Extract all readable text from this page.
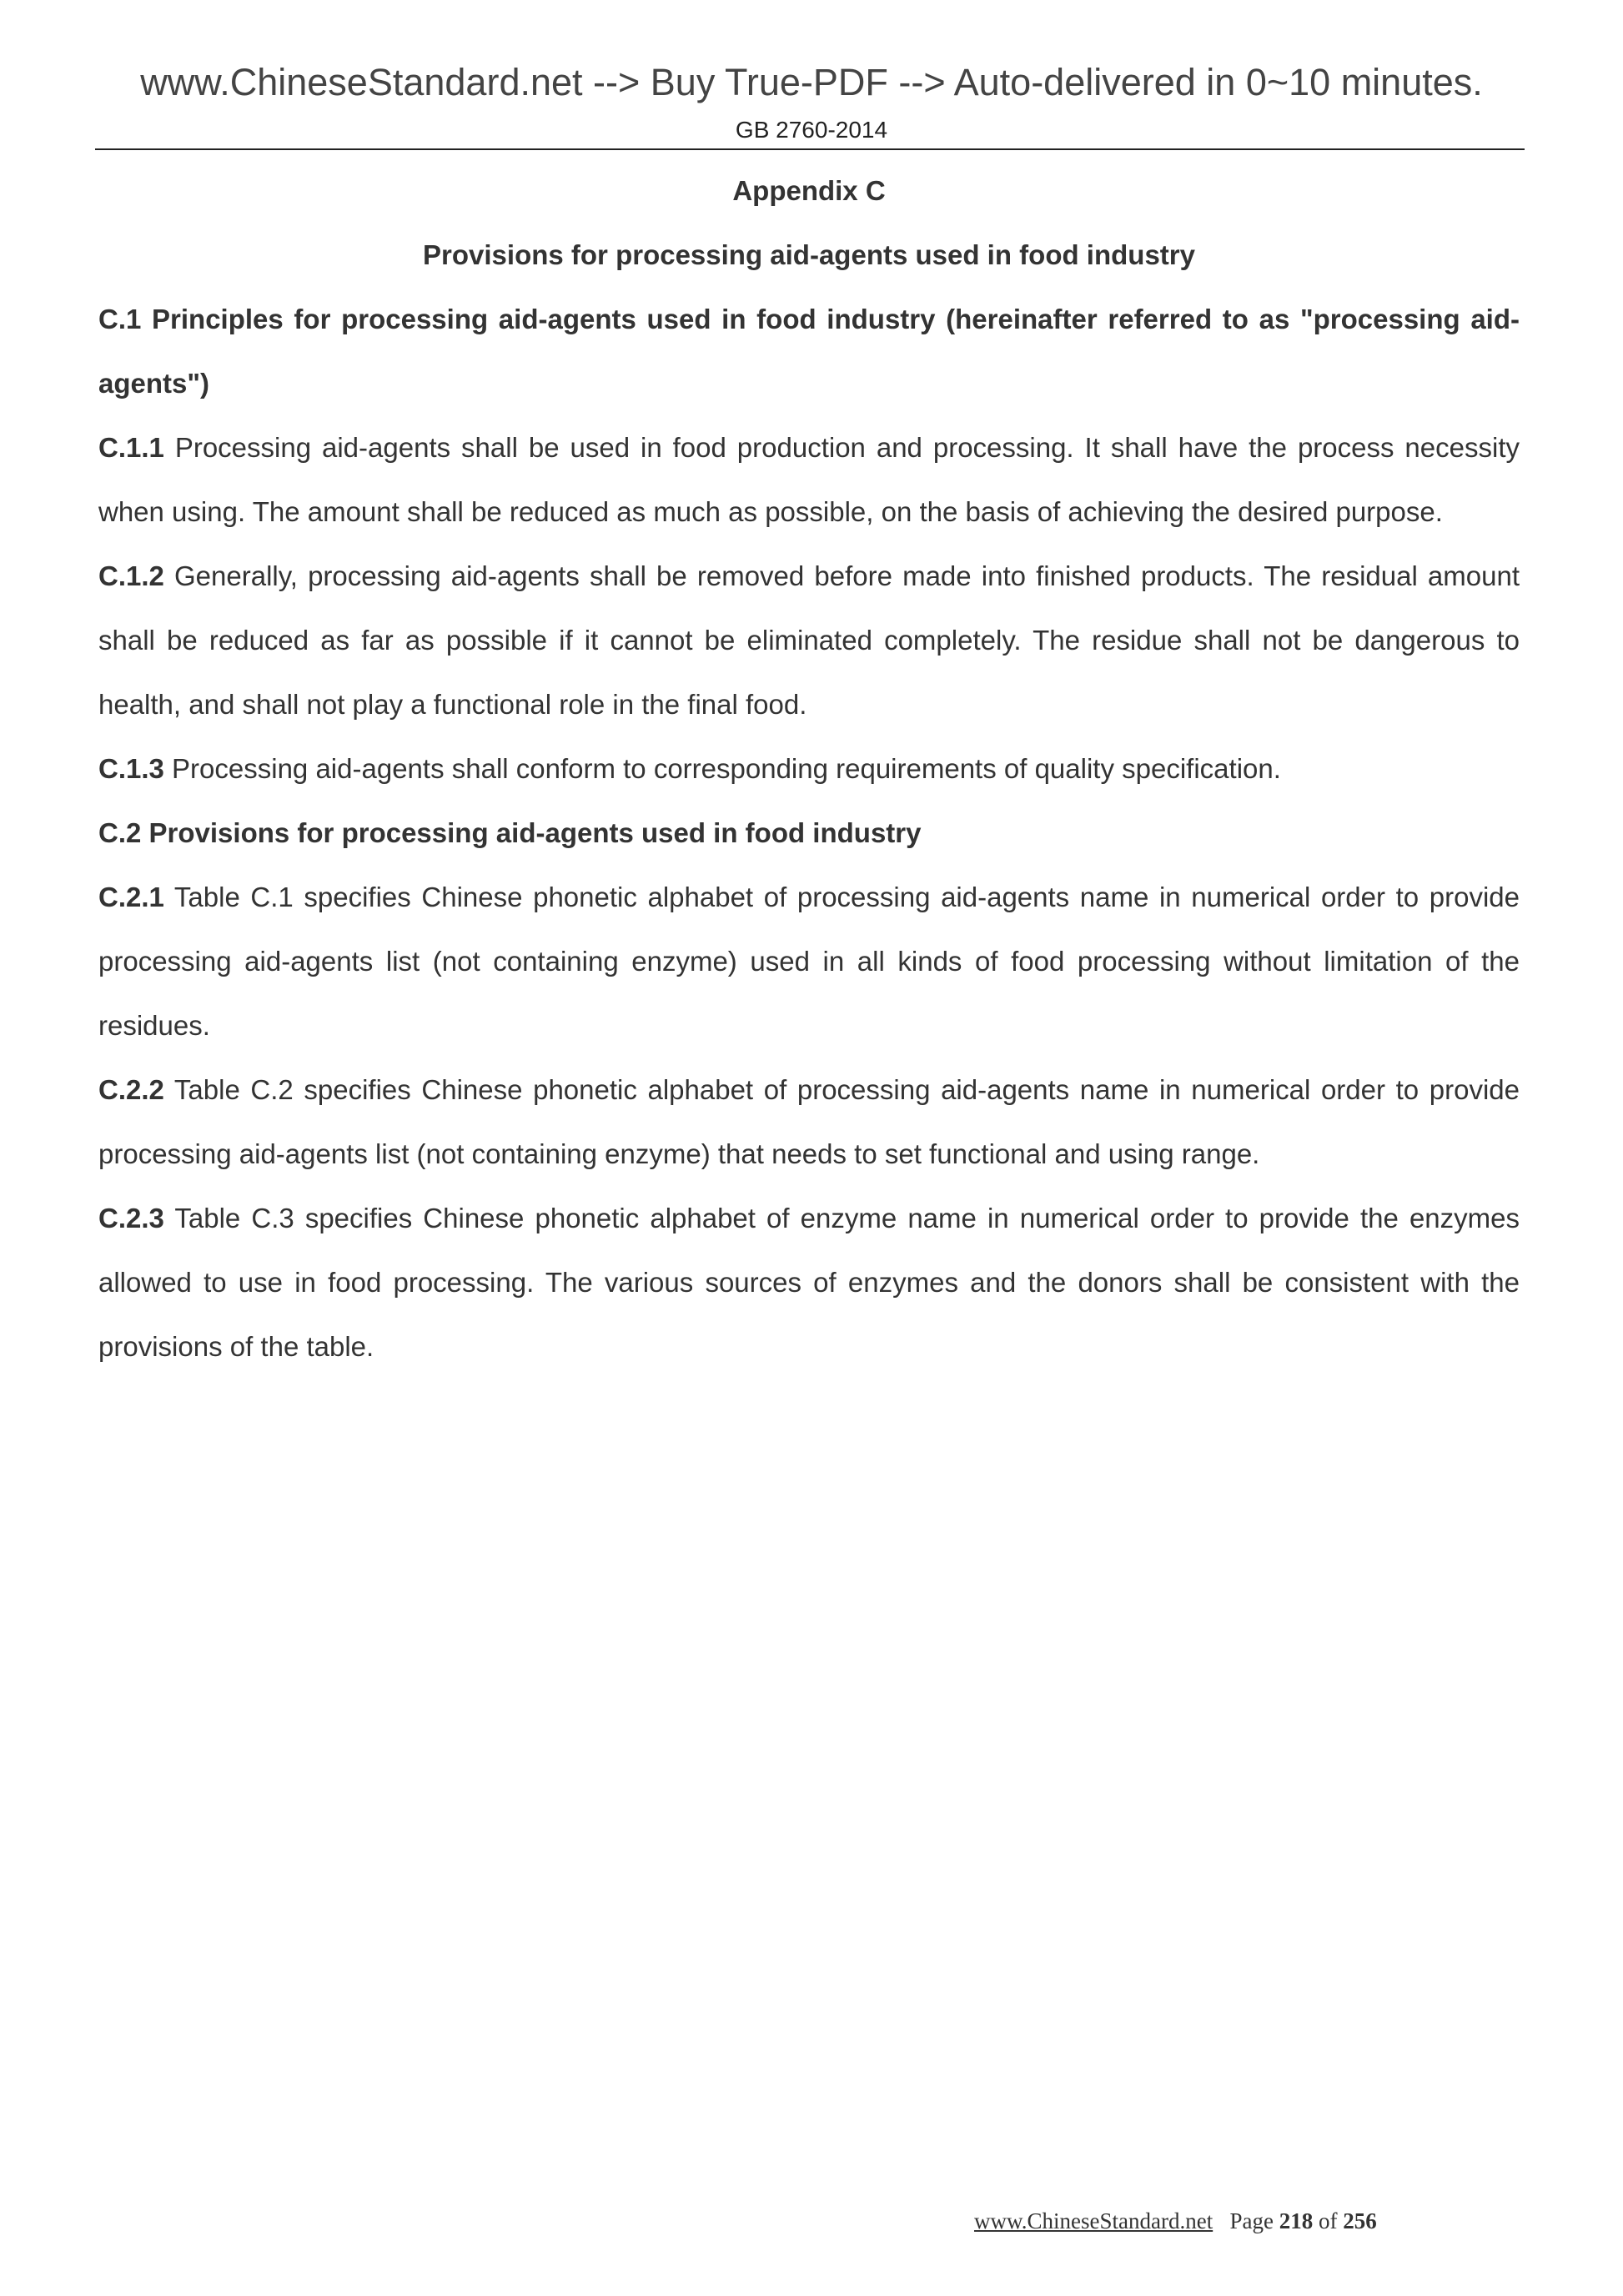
www.ChineseStandard.net --> Buy True-PDF --> Auto-delivered in 0~10 minutes.
GB 2760-2014

Appendix C

Provisions for processing aid-agents used in food industry

C.1 Principles for processing aid-agents used in food industry (hereinafter referred to as "processing aid-agents")

C.1.1 Processing aid-agents shall be used in food production and processing. It shall have the process necessity when using. The amount shall be reduced as much as possible, on the basis of achieving the desired purpose.

C.1.2 Generally, processing aid-agents shall be removed before made into finished products. The residual amount shall be reduced as far as possible if it cannot be eliminated completely. The residue shall not be dangerous to health, and shall not play a functional role in the final food.

C.1.3 Processing aid-agents shall conform to corresponding requirements of quality specification.

C.2 Provisions for processing aid-agents used in food industry

C.2.1 Table C.1 specifies Chinese phonetic alphabet of processing aid-agents name in numerical order to provide processing aid-agents list (not containing enzyme) used in all kinds of food processing without limitation of the residues.

C.2.2 Table C.2 specifies Chinese phonetic alphabet of processing aid-agents name in numerical order to provide processing aid-agents list (not containing enzyme) that needs to set functional and using range.

C.2.3 Table C.3 specifies Chinese phonetic alphabet of enzyme name in numerical order to provide the enzymes allowed to use in food processing. The various sources of enzymes and the donors shall be consistent with the provisions of the table.

www.ChineseStandard.net Page 218 of 256
